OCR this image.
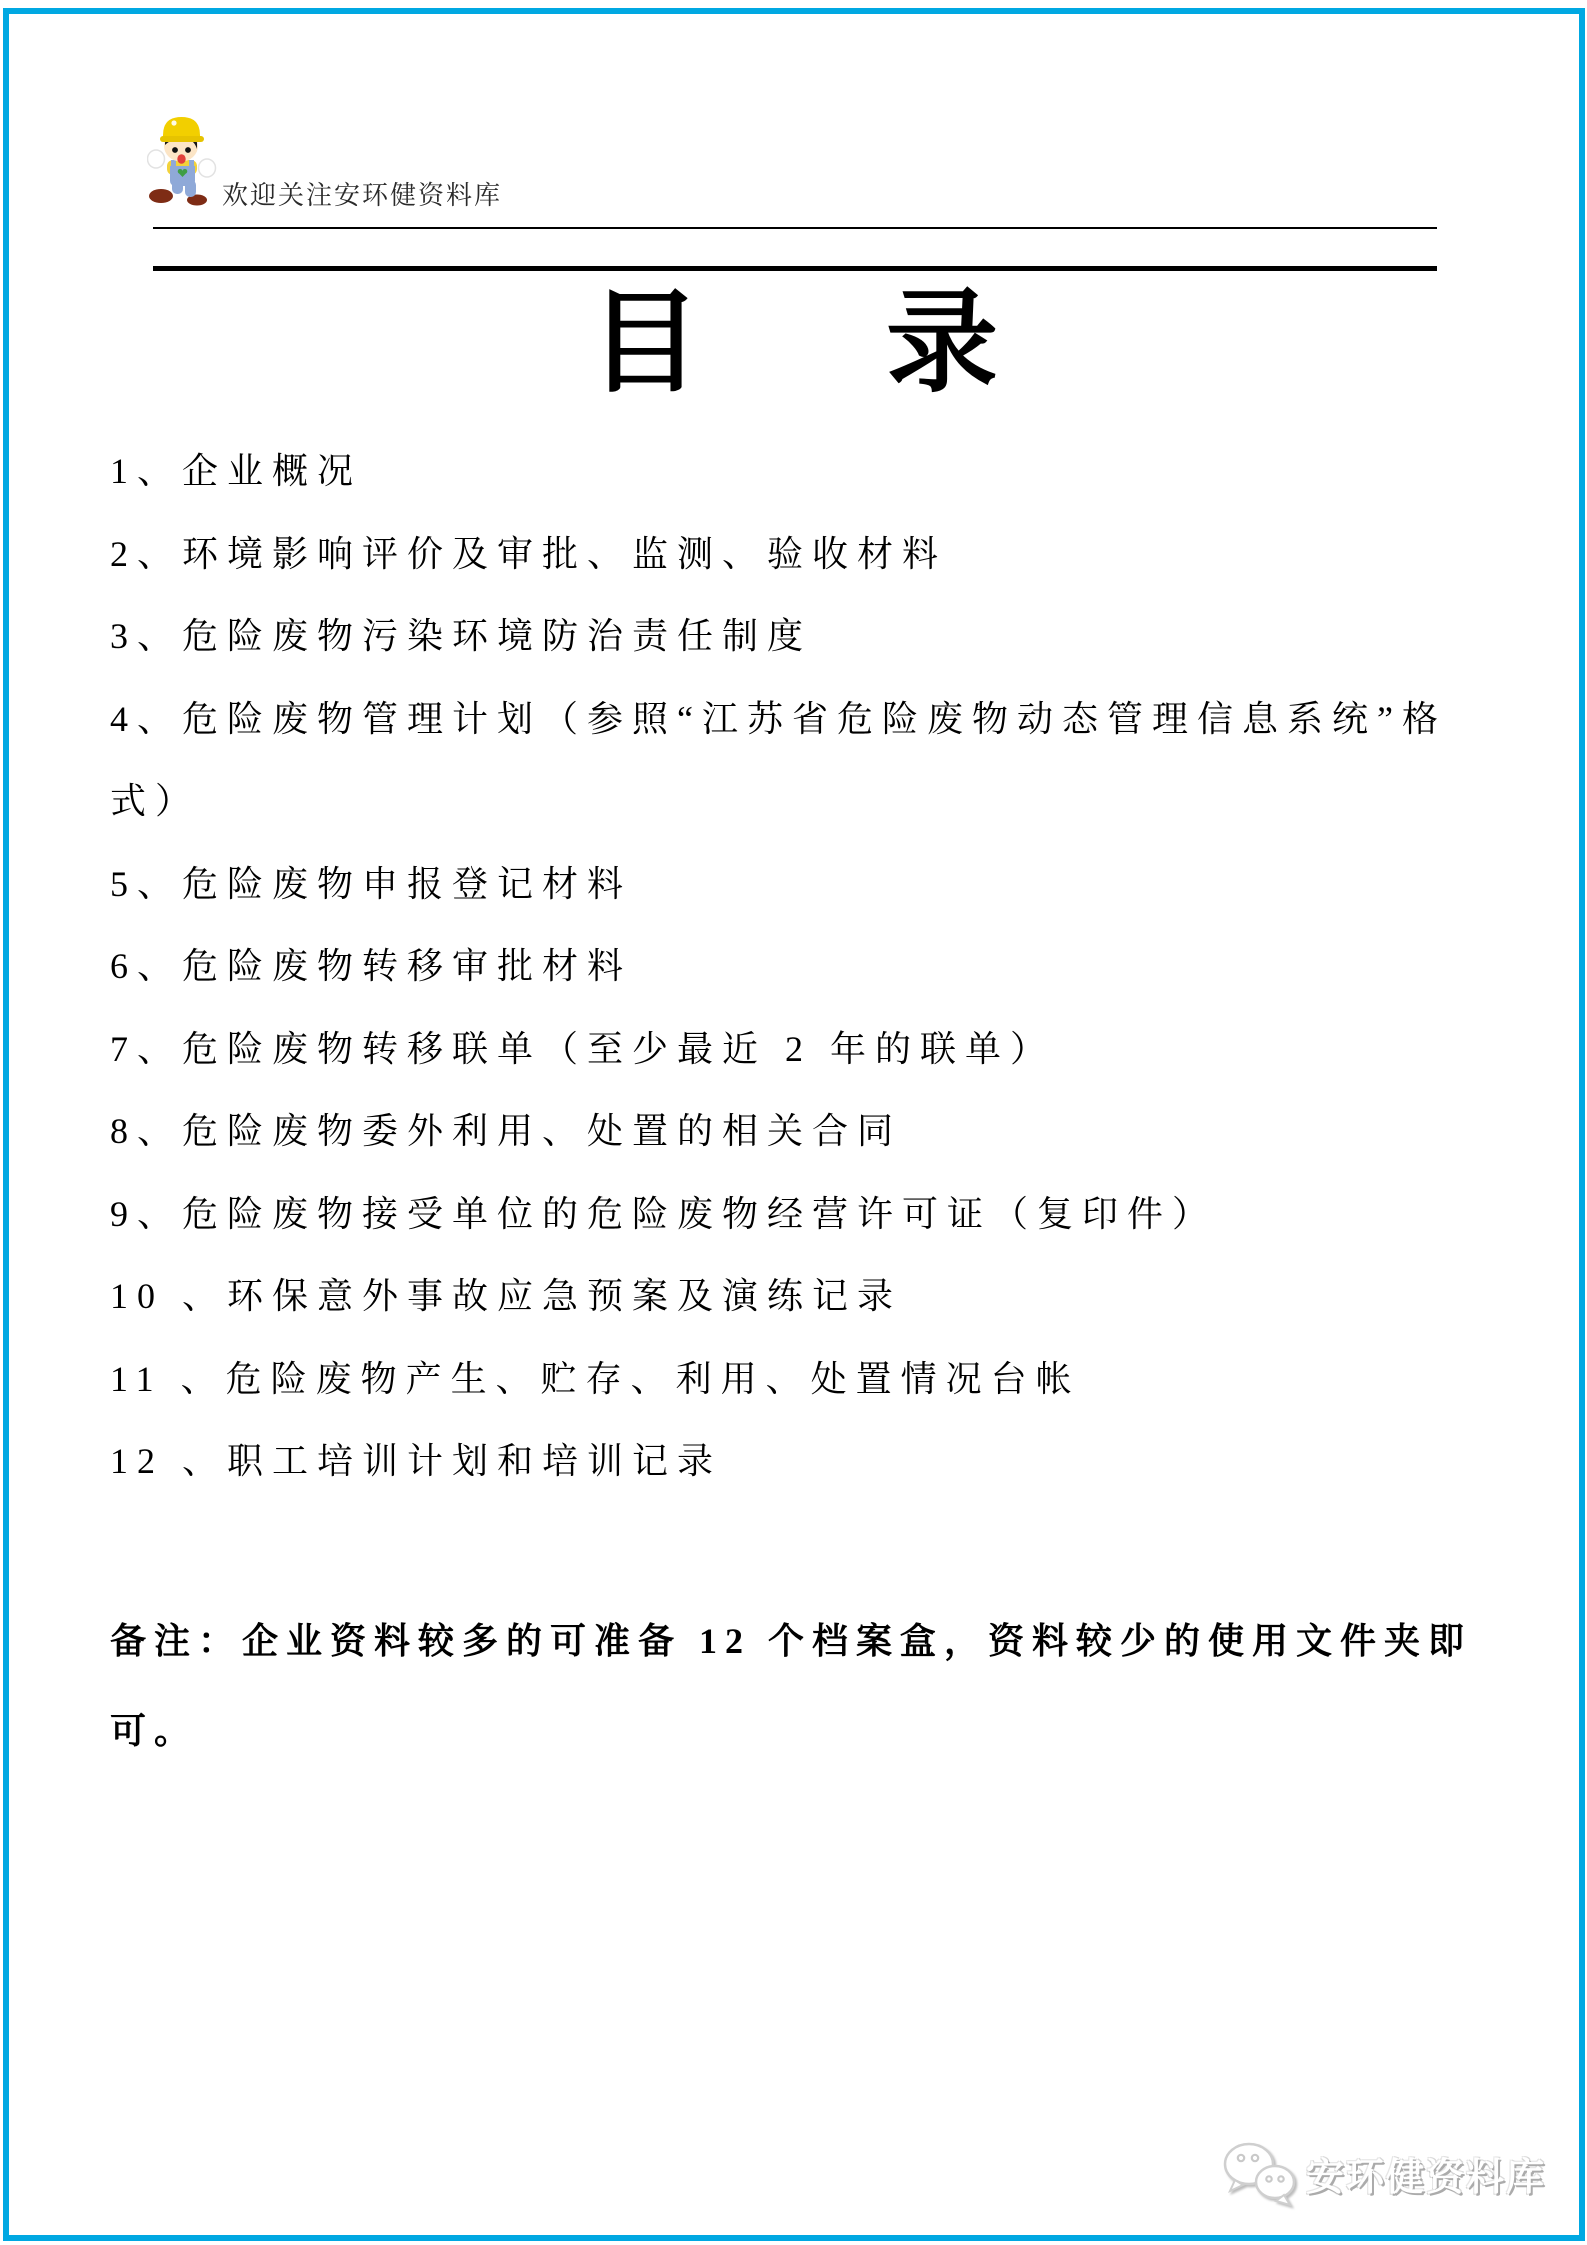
欢迎关注安环健资料库
目 录
1、企业概况
2、环境影响评价及审批、监测、验收材料
3、危险废物污染环境防治责任制度
4、危险废物管理计划（参照“江苏省危险废物动态管理信息系统”格
式）
5、危险废物申报登记材料
6、危险废物转移审批材料
7、危险废物转移联单（至少最近 2 年的联单）
8、危险废物委外利用、处置的相关合同
9、危险废物接受单位的危险废物经营许可证（复印件）
10 、环保意外事故应急预案及演练记录
11 、危险废物产生、贮存、利用、处置情况台帐
12 、职工培训计划和培训记录
备注：企业资料较多的可准备 12 个档案盒，资料较少的使用文件夹即
可。
安环健资料库
